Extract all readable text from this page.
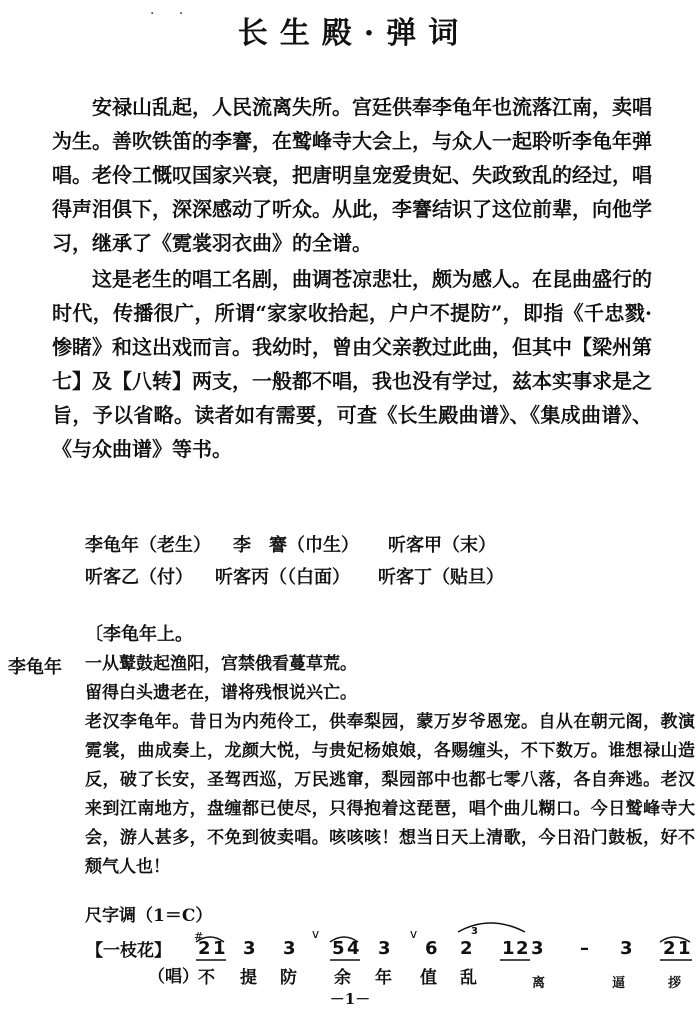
· ·
长生殿·弹词

安禄山乱起，人民流离失所。宫廷供奉李龟年也流落江南，卖唱为生。善吹铁笛的李謇，在鹫峰寺大会上，与众人一起聆听李龟年弹唱。老伶工慨叹国家兴衰，把唐明皇宠爱贵妃、失政致乱的经过，唱得声泪俱下，深深感动了听众。从此，李謇结识了这位前辈，向他学习，继承了《霓裳羽衣曲》的全谱。

这是老生的唱工名剧，曲调苍凉悲壮，颇为感人。在昆曲盛行的时代，传播很广，所谓“家家收拾起，户户不提防”，即指《千忠戮·惨睹》和这出戏而言。我幼时，曾由父亲教过此曲，但其中【梁州第七】及【八转】两支，一般都不唱，我也没有学过，兹本实事求是之旨，予以省略。读者如有需要，可查《长生殿曲谱》、《集成曲谱》、《与众曲谱》等书。

李龟年（老生）	李　謇（巾生）	听客甲（末）
听客乙（付）	听客丙（（白面）	听客丁（贴旦）
〔李龟年上。
李龟年 一从鼙鼓起渔阳，宫禁俄看蔓草荒。
留得白头遗老在，谱将残恨说兴亡。
老汉李龟年。昔日为内苑伶工，供奉梨园，蒙万岁爷恩宠。自从在朝元阁，教演霓裳，曲成奏上，龙颜大悦，与贵妃杨娘娘，各赐缠头，不下数万。谁想禄山造反，破了长安，圣驾西巡，万民逃窜，梨园部中也都七零八落，各自奔逃。老汉来到江南地方，盘缠都已使尽，只得抱着这琵琶，唱个曲儿糊口。今日鹫峰寺大会，游人甚多，不免到彼卖唱。咳咳咳！想当日天上清歌，今日沿门鼓板，好不颓气人也！
尺字调（1＝C）
【一枝花】
#	v	v
2 1 3 3 5 4 3 6 2
3
1 2 3 – 3 2 1
（唱） 不 提 防 余 年 值 乱	离	逼	拶
－1－
